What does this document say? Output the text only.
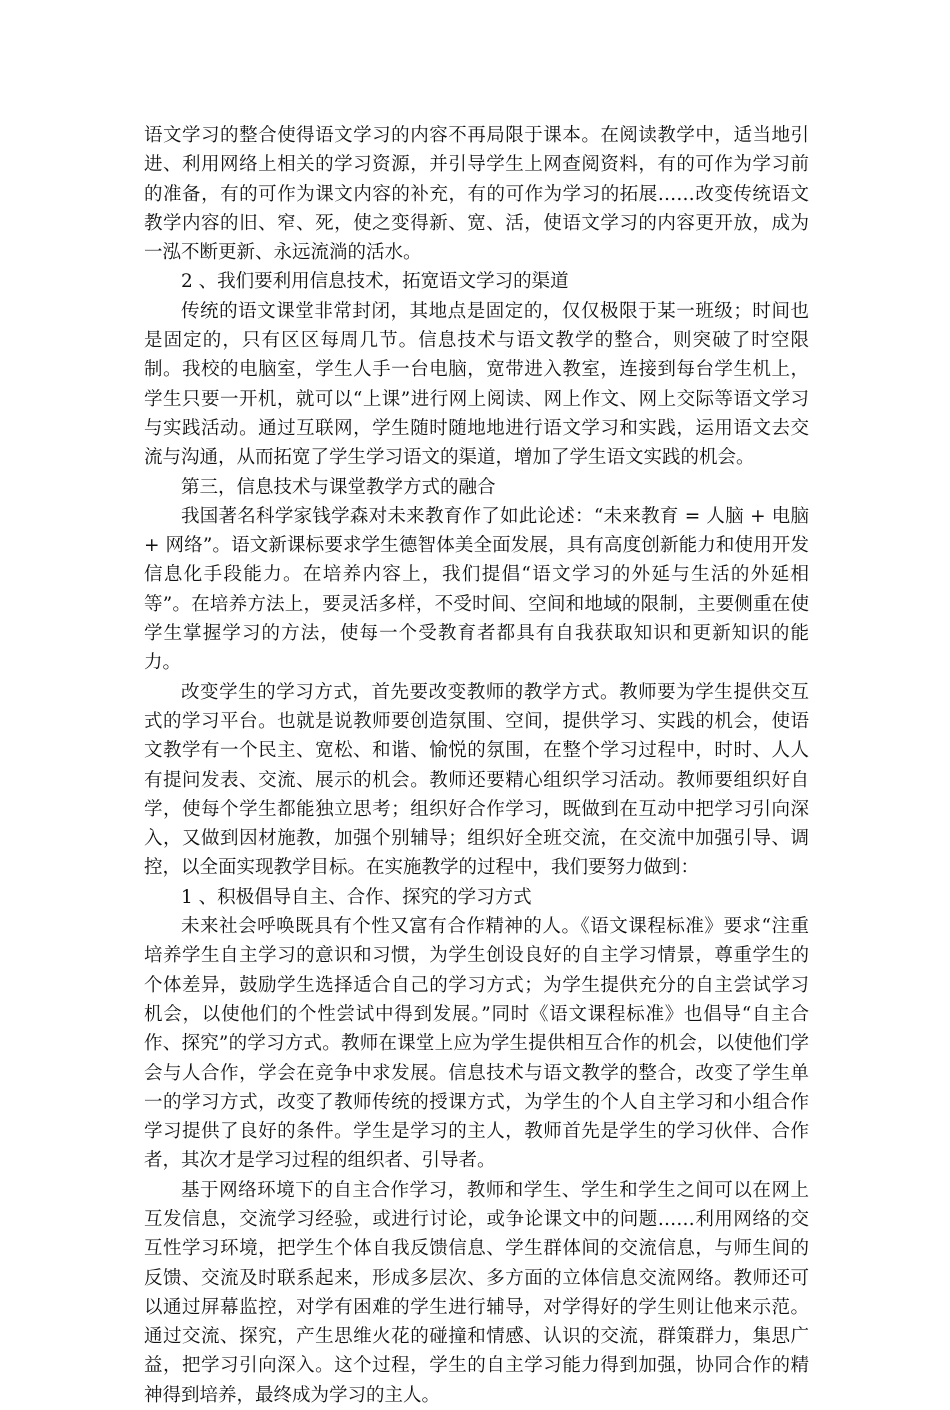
语文学习的整合使得语文学习的内容不再局限于课本。在阅读教学中，适当地引进、利用网络上相关的学习资源，并引导学生上网查阅资料，有的可作为学习前的准备，有的可作为课文内容的补充，有的可作为学习的拓展……改变传统语文教学内容的旧、窄、死，使之变得新、宽、活，使语文学习的内容更开放，成为一泓不断更新、永远流淌的活水。

2 、我们要利用信息技术，拓宽语文学习的渠道

传统的语文课堂非常封闭，其地点是固定的，仅仅极限于某一班级；时间也是固定的，只有区区每周几节。信息技术与语文教学的整合，则突破了时空限制。我校的电脑室，学生人手一台电脑，宽带进入教室，连接到每台学生机上，学生只要一开机，就可以“上课”进行网上阅读、网上作文、网上交际等语文学习与实践活动。通过互联网，学生随时随地地进行语文学习和实践，运用语文去交流与沟通，从而拓宽了学生学习语文的渠道，增加了学生语文实践的机会。

第三，信息技术与课堂教学方式的融合

我国著名科学家钱学森对未来教育作了如此论述：“未来教育 = 人脑 + 电脑 + 网络”。语文新课标要求学生德智体美全面发展，具有高度创新能力和使用开发信息化手段能力。在培养内容上，我们提倡“语文学习的外延与生活的外延相等”。在培养方法上，要灵活多样，不受时间、空间和地域的限制，主要侧重在使学生掌握学习的方法，使每一个受教育者都具有自我获取知识和更新知识的能力。

改变学生的学习方式，首先要改变教师的教学方式。教师要为学生提供交互式的学习平台。也就是说教师要创造氛围、空间，提供学习、实践的机会，使语文教学有一个民主、宽松、和谐、愉悦的氛围，在整个学习过程中，时时、人人有提问发表、交流、展示的机会。教师还要精心组织学习活动。教师要组织好自学，使每个学生都能独立思考；组织好合作学习，既做到在互动中把学习引向深入，又做到因材施教，加强个别辅导；组织好全班交流，在交流中加强引导、调控，以全面实现教学目标。在实施教学的过程中，我们要努力做到：

1 、积极倡导自主、合作、探究的学习方式

未来社会呼唤既具有个性又富有合作精神的人。《语文课程标准》要求“注重培养学生自主学习的意识和习惯，为学生创设良好的自主学习情景，尊重学生的个体差异，鼓励学生选择适合自己的学习方式；为学生提供充分的自主尝试学习机会，以使他们的个性尝试中得到发展。”同时《语文课程标准》也倡导“自主合作、探究”的学习方式。教师在课堂上应为学生提供相互合作的机会，以使他们学会与人合作，学会在竞争中求发展。信息技术与语文教学的整合，改变了学生单一的学习方式，改变了教师传统的授课方式，为学生的个人自主学习和小组合作学习提供了良好的条件。学生是学习的主人，教师首先是学生的学习伙伴、合作者，其次才是学习过程的组织者、引导者。

基于网络环境下的自主合作学习，教师和学生、学生和学生之间可以在网上互发信息，交流学习经验，或进行讨论，或争论课文中的问题……利用网络的交互性学习环境，把学生个体自我反馈信息、学生群体间的交流信息，与师生间的反馈、交流及时联系起来，形成多层次、多方面的立体信息交流网络。教师还可以通过屏幕监控，对学有困难的学生进行辅导，对学得好的学生则让他来示范。通过交流、探究，产生思维火花的碰撞和情感、认识的交流，群策群力，集思广益，把学习引向深入。这个过程，学生的自主学习能力得到加强，协同合作的精神得到培养，最终成为学习的主人。
